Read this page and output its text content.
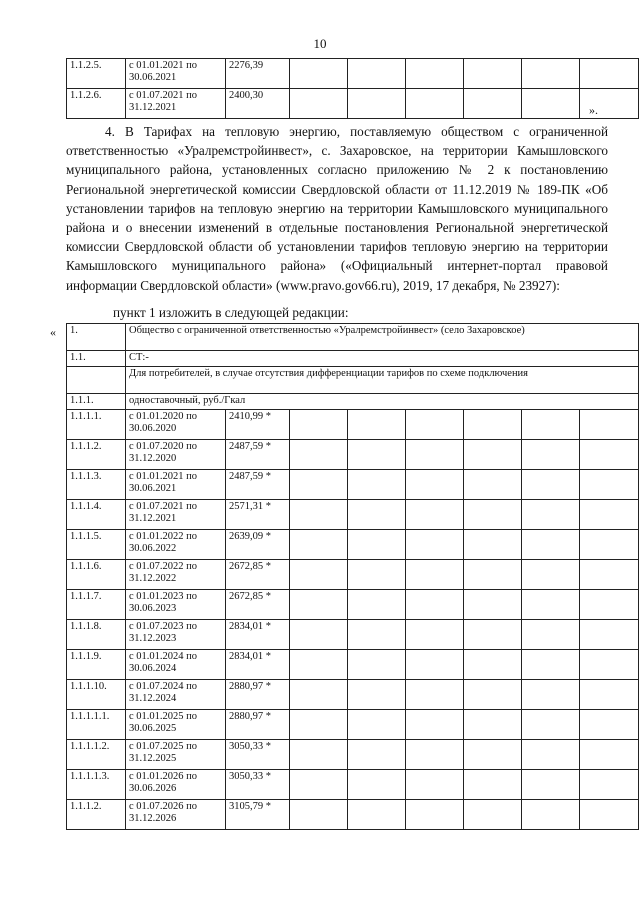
10
1.1.2.5.	с 01.01.2021 по 30.06.2021	2276,39						
1.1.2.6.	с 01.07.2021 по 31.12.2021	2400,30						
».

4. В Тарифах на тепловую энергию, поставляемую обществом с ограниченной ответственностью «Уралремстройинвест», с. Захаровское, на территории Камышловского муниципального района, установленных согласно приложению № 2 к постановлению Региональной энергетической комиссии Свердловской области от 11.12.2019 № 189-ПК «Об установлении тарифов на тепловую энергию на территории Камышловского муниципального района и о внесении изменений в отдельные постановления Региональной энергетической комиссии Свердловской области об установлении тарифов тепловую энергию на территории Камышловского муниципального района» («Официальный интернет-портал правовой информации Свердловской области» (www.pravo.gov66.ru), 2019, 17 декабря, № 23927):

пункт 1 изложить в следующей редакции:
« 1.	Общество с ограниченной ответственностью «Уралремстройинвест» (село Захаровское)							
1.1.	СТ:-							
	Для потребителей, в случае отсутствия дифференциации тарифов по схеме подключения							
1.1.1.	одноставочный, руб./Гкал							
1.1.1.1.	с 01.01.2020 по 30.06.2020	2410,99 *						
1.1.1.2.	с 01.07.2020 по 31.12.2020	2487,59 *						
1.1.1.3.	с 01.01.2021 по 30.06.2021	2487,59 *						
1.1.1.4.	с 01.07.2021 по 31.12.2021	2571,31 *						
1.1.1.5.	с 01.01.2022 по 30.06.2022	2639,09 *						
1.1.1.6.	с 01.07.2022 по 31.12.2022	2672,85 *						
1.1.1.7.	с 01.01.2023 по 30.06.2023	2672,85 *						
1.1.1.8.	с 01.07.2023 по 31.12.2023	2834,01 *						
1.1.1.9.	с 01.01.2024 по 30.06.2024	2834,01 *						
1.1.1.10.	с 01.07.2024 по 31.12.2024	2880,97 *						
1.1.1.1.1.	с 01.01.2025 по 30.06.2025	2880,97 *						
1.1.1.1.2.	с 01.07.2025 по 31.12.2025	3050,33 *						
1.1.1.1.3.	с 01.01.2026 по 30.06.2026	3050,33 *						
1.1.1.2.	с 01.07.2026 по 31.12.2026	3105,79 *						
